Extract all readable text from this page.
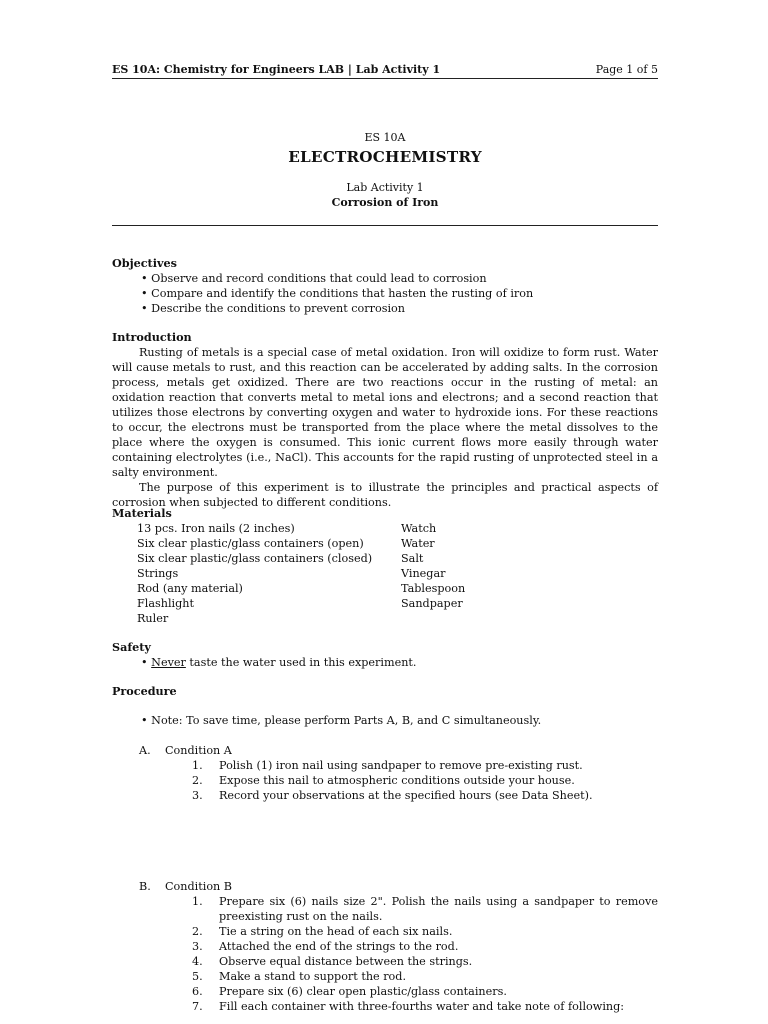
ES 10A: Chemistry for Engineers LAB | Lab Activity 1	Page 1 of 5
ES 10A
ELECTROCHEMISTRY
Lab Activity 1
Corrosion of Iron
Objectives
• Observe and record conditions that could lead to corrosion
• Compare and identify the conditions that hasten the rusting of iron
• Describe the conditions to prevent corrosion
Introduction
Rusting of metals is a special case of metal oxidation. Iron will oxidize to form rust. Water will cause metals to rust, and this reaction can be accelerated by adding salts. In the corrosion process, metals get oxidized. There are two reactions occur in the rusting of metal: an oxidation reaction that converts metal to metal ions and electrons; and a second reaction that utilizes those electrons by converting oxygen and water to hydroxide ions. For these reactions to occur, the electrons must be transported from the place where the metal dissolves to the place where the oxygen is consumed. This ionic current flows more easily through water containing electrolytes (i.e., NaCl). This accounts for the rapid rusting of unprotected steel in a salty environment.
The purpose of this experiment is to illustrate the principles and practical aspects of corrosion when subjected to different conditions.
Materials
13 pcs. Iron nails (2 inches)	Watch
Six clear plastic/glass containers (open)	Water
Six clear plastic/glass containers (closed)	Salt
Strings	Vinegar
Rod (any material)	Tablespoon
Flashlight	Sandpaper
Ruler
Safety
• Never taste the water used in this experiment.
Procedure
• Note: To save time, please perform Parts A, B, and C simultaneously.
A. Condition A
1.	Polish (1) iron nail using sandpaper to remove pre-existing rust.
2.	Expose this nail to atmospheric conditions outside your house.
3.	Record your observations at the specified hours (see Data Sheet).
B. Condition B
1.	Prepare six (6) nails size 2". Polish the nails using a sandpaper to remove preexisting rust on the nails.
2.	Tie a string on the head of each six nails.
3.	Attached the end of the strings to the rod.
4.	Observe equal distance between the strings.
5.	Make a stand to support the rod.
6.	Prepare six (6) clear open plastic/glass containers.
7.	Fill each container with three-fourths water and take note of following:
